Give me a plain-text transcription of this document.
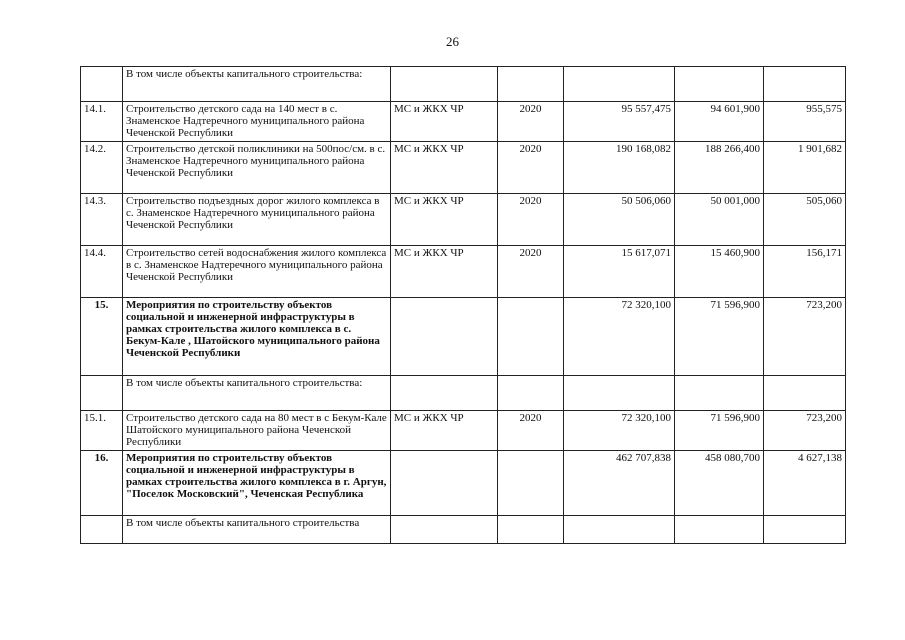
26
	В том числе объекты капитального строительства:					
14.1.	Строительство детского сада на 140 мест в с. Знаменское Надтеречного муниципального района Чеченской Республики	МС и ЖКХ ЧР	2020	95 557,475	94 601,900	955,575
14.2.	Строительство детской поликлиники на 500пос/см. в с. Знаменское Надтеречного муниципального района Чеченской Республики	МС и ЖКХ ЧР	2020	190 168,082	188 266,400	1 901,682
14.3.	Строительство подъездных дорог жилого комплекса в с. Знаменское Надтеречного муниципального района Чеченской Республики	МС и ЖКХ ЧР	2020	50 506,060	50 001,000	505,060
14.4.	Строительство сетей водоснабжения жилого комплекса в с. Знаменское Надтеречного муниципального района Чеченской Республики	МС и ЖКХ ЧР	2020	15 617,071	15 460,900	156,171
15.	Мероприятия по строительству объектов социальной и инженерной инфраструктуры в рамках строительства жилого комплекса в с. Бекум-Кале , Шатойского муниципального района Чеченской Республики			72 320,100	71 596,900	723,200
	В том числе объекты капитального строительства:					
15.1.	Строительство детского сада на 80 мест в с Бекум-Кале Шатойского муниципального района Чеченской Республики	МС и ЖКХ ЧР	2020	72 320,100	71 596,900	723,200
16.	Мероприятия по строительству объектов социальной и инженерной инфраструктуры в рамках строительства жилого комплекса в г. Аргун, "Поселок Московский", Чеченская Республика			462 707,838	458 080,700	4 627,138
	В том числе объекты капитального строительства					
